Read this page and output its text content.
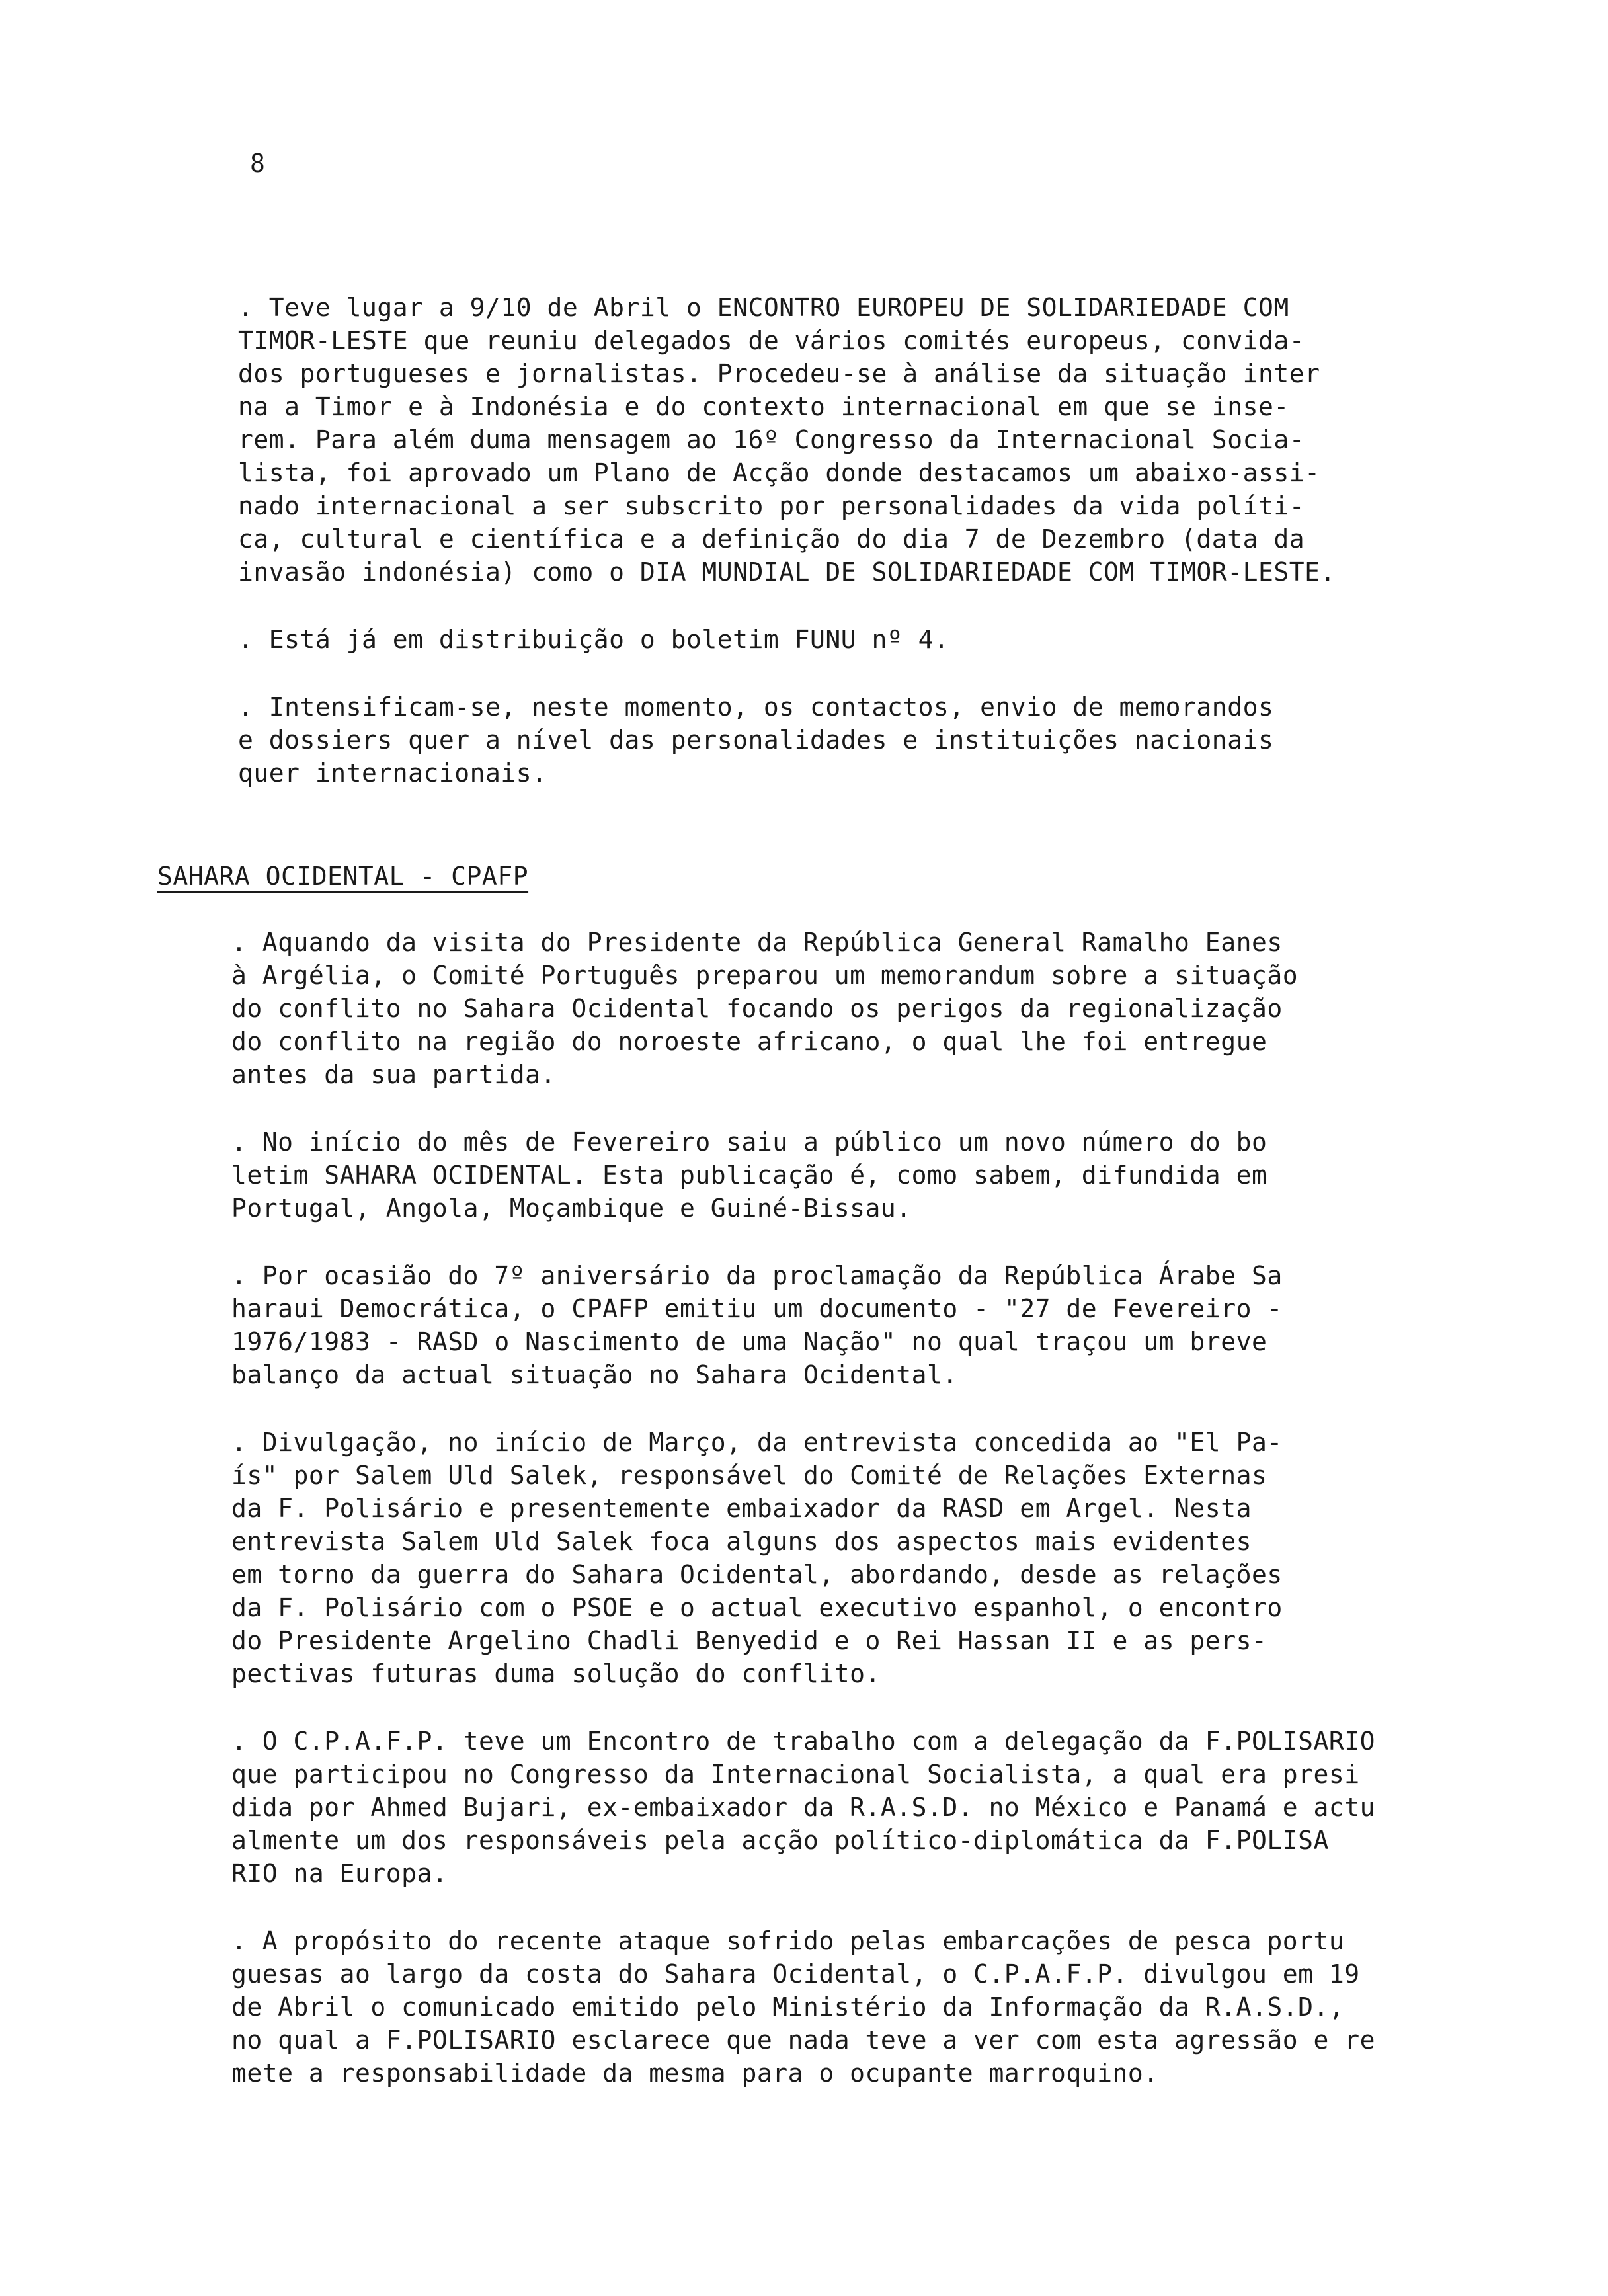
8

. Teve lugar a 9/10 de Abril o ENCONTRO EUROPEU DE SOLIDARIEDADE COM
TIMOR-LESTE que reuniu delegados de vários comités europeus, convida-
dos portugueses e jornalistas. Procedeu-se à análise da situação inter
na a Timor e à Indonésia e do contexto internacional em que se inse-
rem. Para além duma mensagem ao 16º Congresso da Internacional Socia-
lista, foi aprovado um Plano de Acção donde destacamos um abaixo-assi-
nado internacional a ser subscrito por personalidades da vida políti-
ca, cultural e científica e a definição do dia 7 de Dezembro (data da
invasão indonésia) como o DIA MUNDIAL DE SOLIDARIEDADE COM TIMOR-LESTE.

. Está já em distribuição o boletim FUNU nº 4.

. Intensificam-se, neste momento, os contactos, envio de memorandos
e dossiers quer a nível das personalidades e instituições nacionais
quer internacionais.

SAHARA OCIDENTAL - CPAFP

. Aquando da visita do Presidente da República General Ramalho Eanes
à Argélia, o Comité Português preparou um memorandum sobre a situação
do conflito no Sahara Ocidental focando os perigos da regionalização
do conflito na região do noroeste africano, o qual lhe foi entregue
antes da sua partida.

. No início do mês de Fevereiro saiu a público um novo número do bo
letim SAHARA OCIDENTAL. Esta publicação é, como sabem, difundida em
Portugal, Angola, Moçambique e Guiné-Bissau.

. Por ocasião do 7º aniversário da proclamação da República Árabe Sa
haraui Democrática, o CPAFP emitiu um documento - "27 de Fevereiro -
1976/1983 - RASD o Nascimento de uma Nação" no qual traçou um breve
balanço da actual situação no Sahara Ocidental.

. Divulgação, no início de Março, da entrevista concedida ao "El Pa-
ís" por Salem Uld Salek, responsável do Comité de Relações Externas
da F. Polisário e presentemente embaixador da RASD em Argel. Nesta
entrevista Salem Uld Salek foca alguns dos aspectos mais evidentes
em torno da guerra do Sahara Ocidental, abordando, desde as relações
da F. Polisário com o PSOE e o actual executivo espanhol, o encontro
do Presidente Argelino Chadli Benyedid e o Rei Hassan II e as pers-
pectivas futuras duma solução do conflito.

. O C.P.A.F.P. teve um Encontro de trabalho com a delegação da F.POLISARIO
que participou no Congresso da Internacional Socialista, a qual era presi
dida por Ahmed Bujari, ex-embaixador da R.A.S.D. no México e Panamá e actu
almente um dos responsáveis pela acção político-diplomática da F.POLISA
RIO na Europa.

. A propósito do recente ataque sofrido pelas embarcações de pesca portu
guesas ao largo da costa do Sahara Ocidental, o C.P.A.F.P. divulgou em 19
de Abril o comunicado emitido pelo Ministério da Informação da R.A.S.D.,
no qual a F.POLISARIO esclarece que nada teve a ver com esta agressão e re
mete a responsabilidade da mesma para o ocupante marroquino.
